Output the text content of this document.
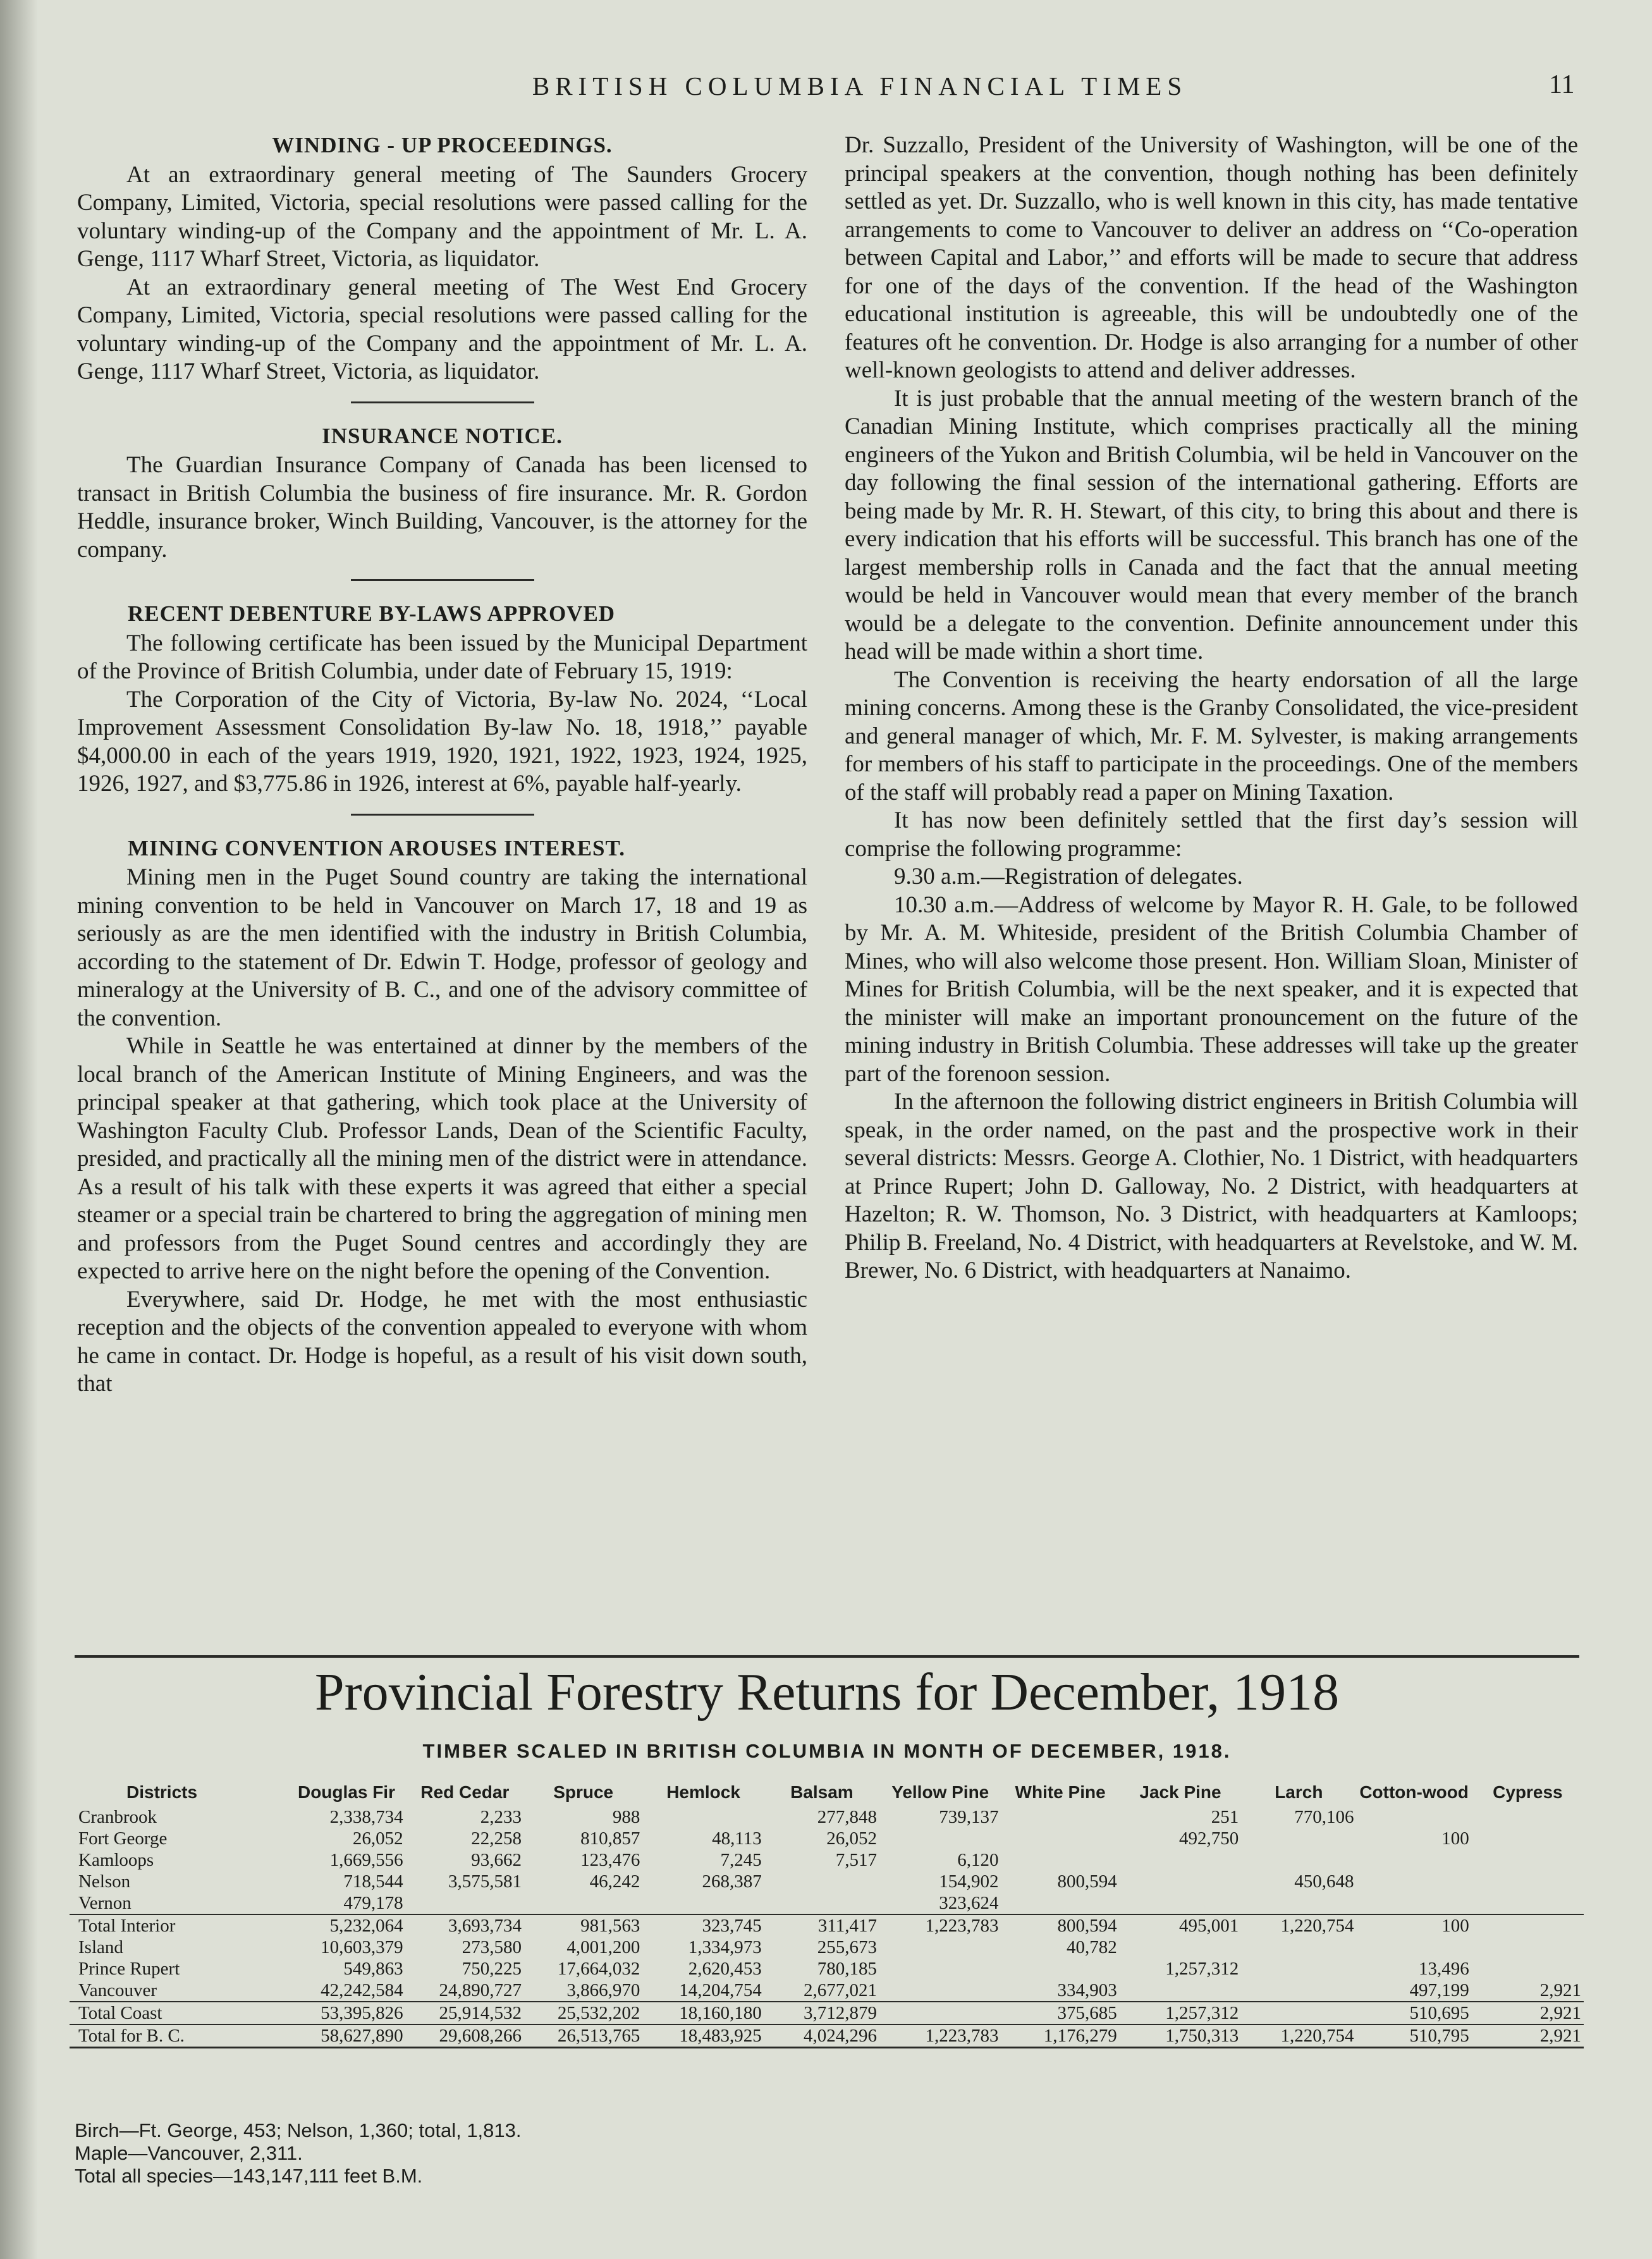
BRITISH COLUMBIA FINANCIAL TIMES	11
WINDING - UP PROCEEDINGS.

At an extraordinary general meeting of The Saunders Grocery Company, Limited, Victoria, special resolutions were passed calling for the voluntary winding-up of the Company and the appointment of Mr. L. A. Genge, 1117 Wharf Street, Victoria, as liquidator.

At an extraordinary general meeting of The West End Grocery Company, Limited, Victoria, special resolutions were passed calling for the voluntary winding-up of the Company and the appointment of Mr. L. A. Genge, 1117 Wharf Street, Victoria, as liquidator.

INSURANCE NOTICE.

The Guardian Insurance Company of Canada has been licensed to transact in British Columbia the business of fire insurance. Mr. R. Gordon Heddle, insurance broker, Winch Building, Vancouver, is the attorney for the company.

RECENT DEBENTURE BY-LAWS APPROVED

The following certificate has been issued by the Municipal Department of the Province of British Columbia, under date of February 15, 1919:

The Corporation of the City of Victoria, By-law No. 2024, ‘‘Local Improvement Assessment Consolidation By-law No. 18, 1918,’’ payable $4,000.00 in each of the years 1919, 1920, 1921, 1922, 1923, 1924, 1925, 1926, 1927, and $3,775.86 in 1926, interest at 6%, payable half-yearly.

MINING CONVENTION AROUSES INTEREST.

Mining men in the Puget Sound country are taking the international mining convention to be held in Vancouver on March 17, 18 and 19 as seriously as are the men identified with the industry in British Columbia, according to the statement of Dr. Edwin T. Hodge, professor of geology and mineralogy at the University of B. C., and one of the advisory committee of the convention.

While in Seattle he was entertained at dinner by the members of the local branch of the American Institute of Mining Engineers, and was the principal speaker at that gathering, which took place at the University of Washington Faculty Club. Professor Lands, Dean of the Scientific Faculty, presided, and practically all the mining men of the district were in attendance. As a result of his talk with these experts it was agreed that either a special steamer or a special train be chartered to bring the aggregation of mining men and professors from the Puget Sound centres and accordingly they are expected to arrive here on the night before the opening of the Convention.

Everywhere, said Dr. Hodge, he met with the most enthusiastic reception and the objects of the convention appealed to everyone with whom he came in contact. Dr. Hodge is hopeful, as a result of his visit down south, that

Dr. Suzzallo, President of the University of Washington, will be one of the principal speakers at the convention, though nothing has been definitely settled as yet. Dr. Suzzallo, who is well known in this city, has made tentative arrangements to come to Vancouver to deliver an address on ‘‘Co-operation between Capital and Labor,’’ and efforts will be made to secure that address for one of the days of the convention. If the head of the Washington educational institution is agreeable, this will be undoubtedly one of the features oft he convention. Dr. Hodge is also arranging for a number of other well-known geologists to attend and deliver addresses.

It is just probable that the annual meeting of the western branch of the Canadian Mining Institute, which comprises practically all the mining engineers of the Yukon and British Columbia, wil be held in Vancouver on the day following the final session of the international gathering. Efforts are being made by Mr. R. H. Stewart, of this city, to bring this about and there is every indication that his efforts will be successful. This branch has one of the largest membership rolls in Canada and the fact that the annual meeting would be held in Vancouver would mean that every member of the branch would be a delegate to the convention. Definite announcement under this head will be made within a short time.

The Convention is receiving the hearty endorsation of all the large mining concerns. Among these is the Granby Consolidated, the vice-president and general manager of which, Mr. F. M. Sylvester, is making arrangements for members of his staff to participate in the proceedings. One of the members of the staff will probably read a paper on Mining Taxation.

It has now been definitely settled that the first day’s session will comprise the following programme:

9.30 a.m.—Registration of delegates.

10.30 a.m.—Address of welcome by Mayor R. H. Gale, to be followed by Mr. A. M. Whiteside, president of the British Columbia Chamber of Mines, who will also welcome those present. Hon. William Sloan, Minister of Mines for British Columbia, will be the next speaker, and it is expected that the minister will make an important pronouncement on the future of the mining industry in British Columbia. These addresses will take up the greater part of the forenoon session.

In the afternoon the following district engineers in British Columbia will speak, in the order named, on the past and the prospective work in their several districts: Messrs. George A. Clothier, No. 1 District, with headquarters at Prince Rupert; John D. Galloway, No. 2 District, with headquarters at Hazelton; R. W. Thomson, No. 3 District, with headquarters at Kamloops; Philip B. Freeland, No. 4 District, with headquarters at Revelstoke, and W. M. Brewer, No. 6 District, with headquarters at Nanaimo.

Provincial Forestry Returns for December, 1918
TIMBER SCALED IN BRITISH COLUMBIA IN MONTH OF DECEMBER, 1918.
Districts	Douglas Fir	Red Cedar	Spruce	Hemlock	Balsam	Yellow Pine	White Pine	Jack Pine	Larch	Cotton-wood	Cypress
Cranbrook	2,338,734	2,233	988		277,848	739,137		251	770,106		
Fort George	26,052	22,258	810,857	48,113	26,052			492,750		100	
Kamloops	1,669,556	93,662	123,476	7,245	7,517	6,120					
Nelson	718,544	3,575,581	46,242	268,387		154,902	800,594		450,648		
Vernon	479,178					323,624					
Total Interior	5,232,064	3,693,734	981,563	323,745	311,417	1,223,783	800,594	495,001	1,220,754	100	
Island	10,603,379	273,580	4,001,200	1,334,973	255,673		40,782				
Prince Rupert	549,863	750,225	17,664,032	2,620,453	780,185			1,257,312		13,496	
Vancouver	42,242,584	24,890,727	3,866,970	14,204,754	2,677,021		334,903			497,199	2,921
Total Coast	53,395,826	25,914,532	25,532,202	18,160,180	3,712,879		375,685	1,257,312		510,695	2,921
Total for B. C.	58,627,890	29,608,266	26,513,765	18,483,925	4,024,296	1,223,783	1,176,279	1,750,313	1,220,754	510,795	2,921
Birch—Ft. George, 453; Nelson, 1,360; total, 1,813.
Maple—Vancouver, 2,311.
Total all species—143,147,111 feet B.M.
